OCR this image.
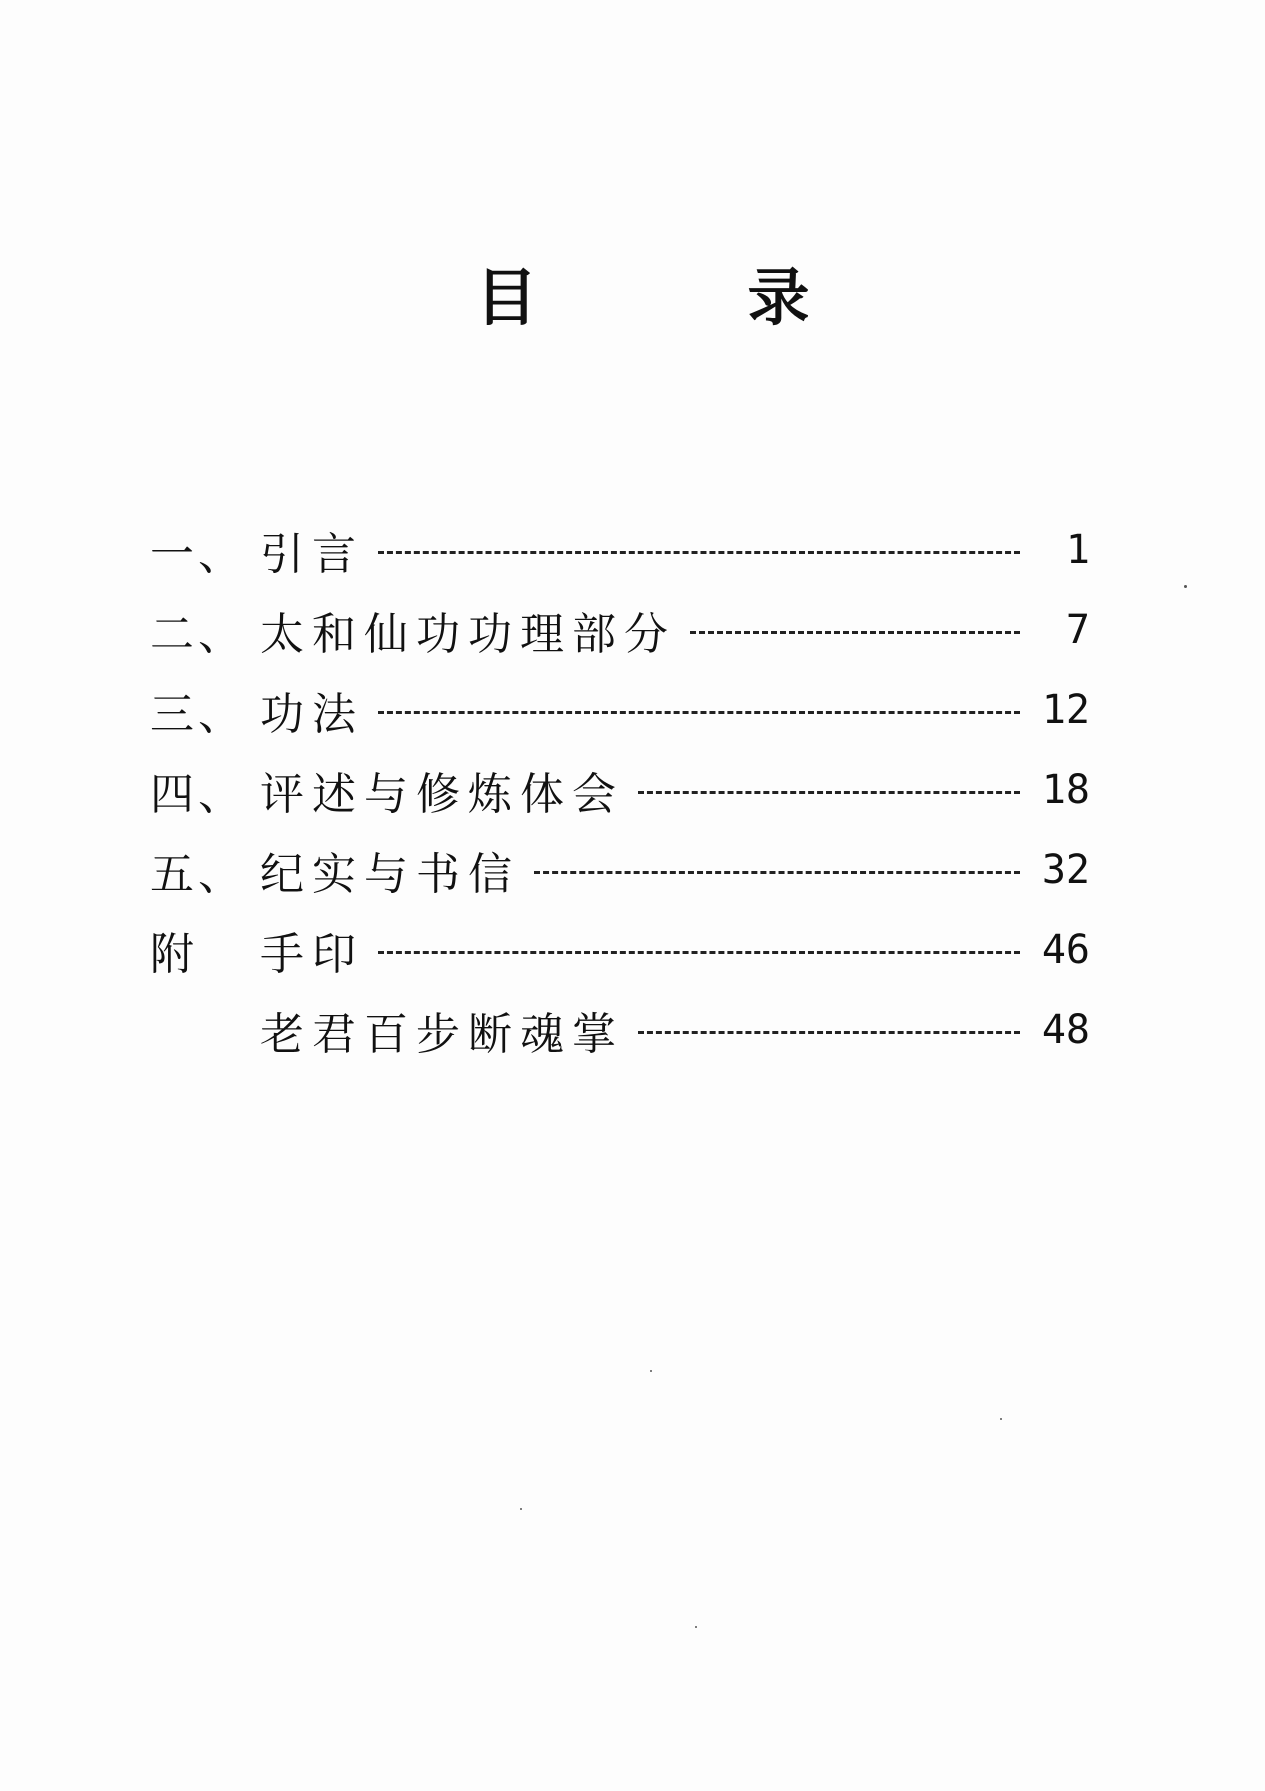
目	录
一、 引言	1
二、 太和仙功功理部分	7
三、 功法	12
四、 评述与修炼体会	18
五、 纪实与书信	32
附	手印	46
老君百步断魂掌	48
